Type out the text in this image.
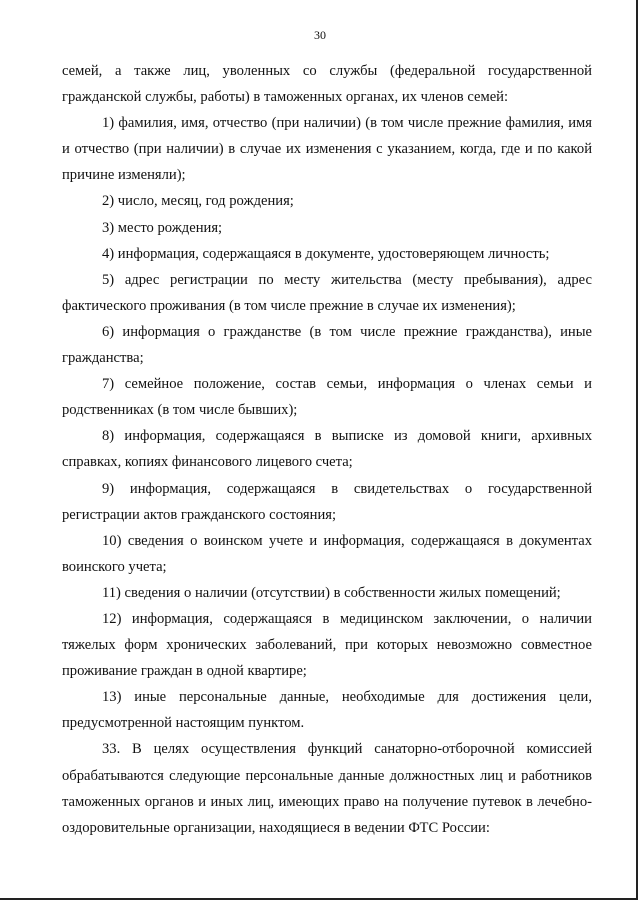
30

семей, а также лиц, уволенных со службы (федеральной государственной гражданской службы, работы) в таможенных органах, их членов семей:

1) фамилия, имя, отчество (при наличии) (в том числе прежние фамилия, имя и отчество (при наличии) в случае их изменения с указанием, когда, где и по какой причине изменяли);

2) число, месяц, год рождения;

3) место рождения;

4) информация, содержащаяся в документе, удостоверяющем личность;

5) адрес регистрации по месту жительства (месту пребывания), адрес фактического проживания (в том числе прежние в случае их изменения);

6) информация о гражданстве (в том числе прежние гражданства), иные гражданства;

7) семейное положение, состав семьи, информация о членах семьи и родственниках (в том числе бывших);

8) информация, содержащаяся в выписке из домовой книги, архивных справках, копиях финансового лицевого счета;

9) информация, содержащаяся в свидетельствах о государственной регистрации актов гражданского состояния;

10) сведения о воинском учете и информация, содержащаяся в документах воинского учета;

11) сведения о наличии (отсутствии) в собственности жилых помещений;

12) информация, содержащаяся в медицинском заключении, о наличии тяжелых форм хронических заболеваний, при которых невозможно совместное проживание граждан в одной квартире;

13) иные персональные данные, необходимые для достижения цели, предусмотренной настоящим пунктом.

33. В целях осуществления функций санаторно-отборочной комиссией обрабатываются следующие персональные данные должностных лиц и работников таможенных органов и иных лиц, имеющих право на получение путевок в лечебно-оздоровительные организации, находящиеся в ведении ФТС России:
